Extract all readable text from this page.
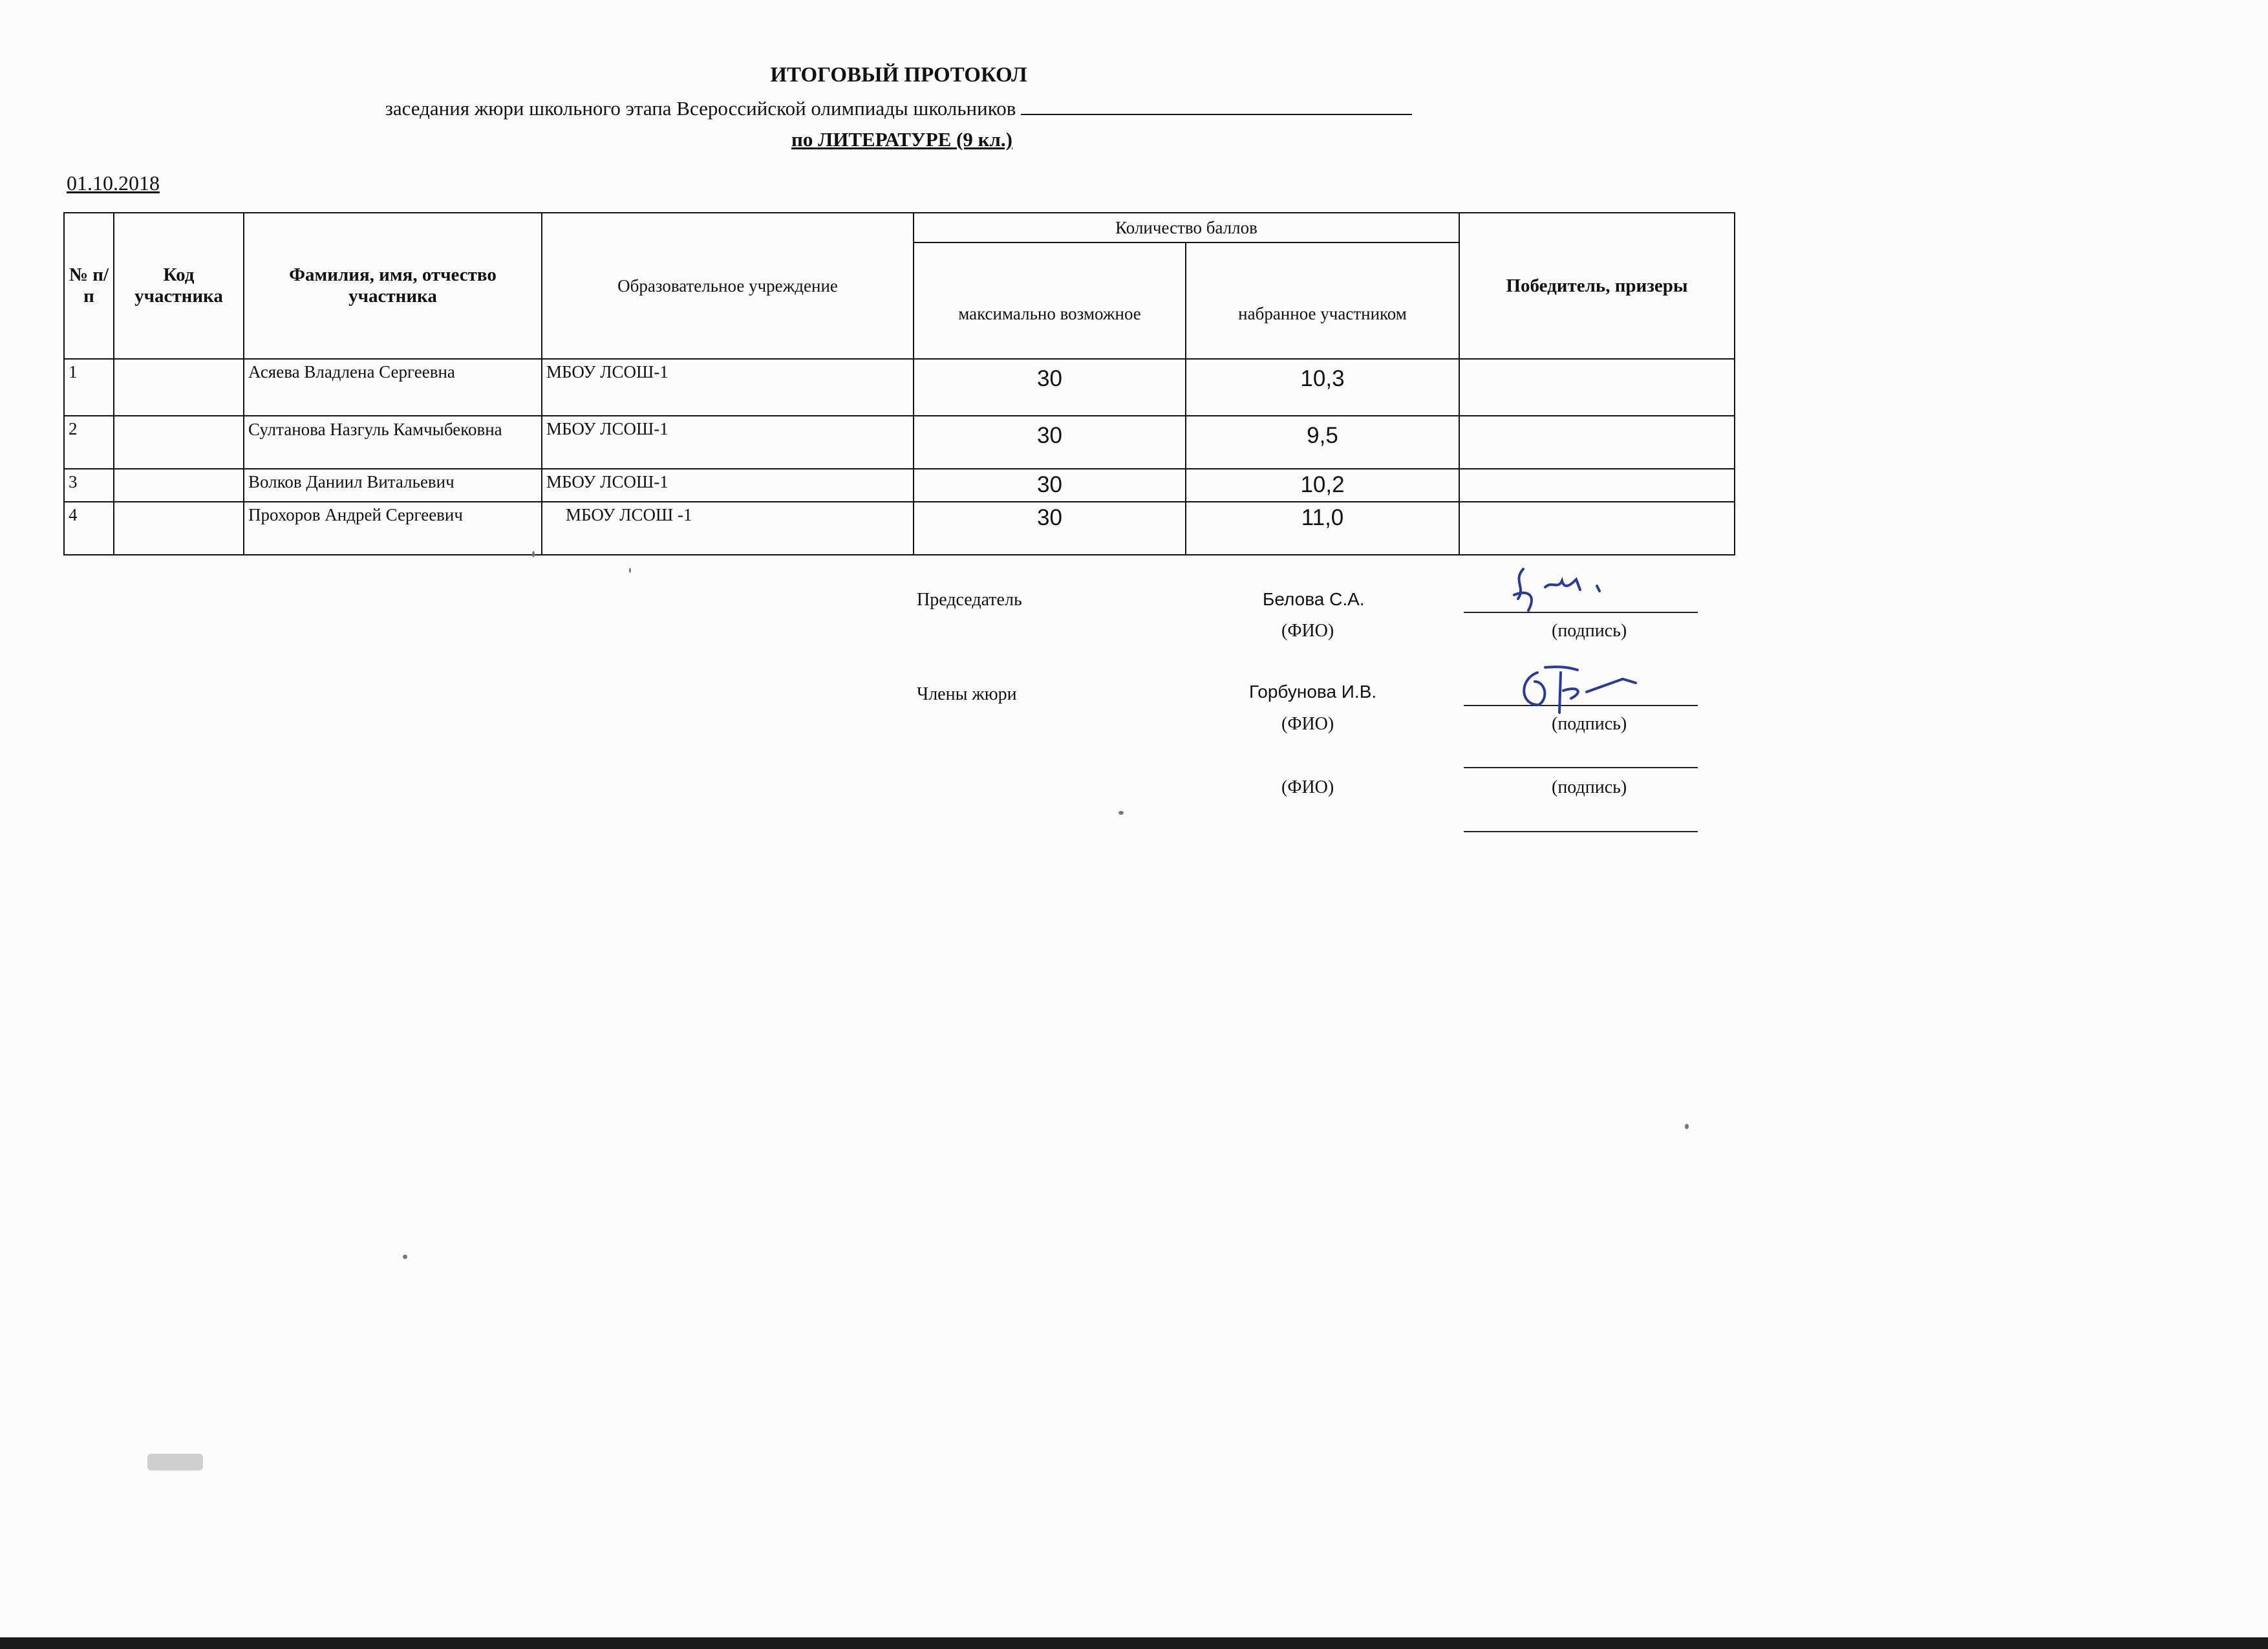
ИТОГОВЫЙ ПРОТОКОЛ
заседания жюри школьного этапа Всероссийской олимпиады школьников
по ЛИТЕРАТУРЕ (9 кл.)
01.10.2018
№ п/п	Код участника	Фамилия, имя, отчество участника	Образовательное учреждение	Количество баллов		Победитель, призеры
				максимально возможное	набранное участником	
1		Асяева Владлена Сергеевна	МБОУ ЛСОШ-1	30	10,3	
2		Султанова Назгуль Камчыбековна	МБОУ ЛСОШ-1	30	9,5	
3		Волков Даниил Витальевич	МБОУ ЛСОШ-1	30	10,2	
4		Прохоров Андрей Сергеевич	МБОУ ЛСОШ -1	30	11,0	
Председатель	Белова С.А.
(ФИО)	(подпись)
Члены жюри	Горбунова И.В.
(ФИО)	(подпись)
(ФИО)	(подпись)
